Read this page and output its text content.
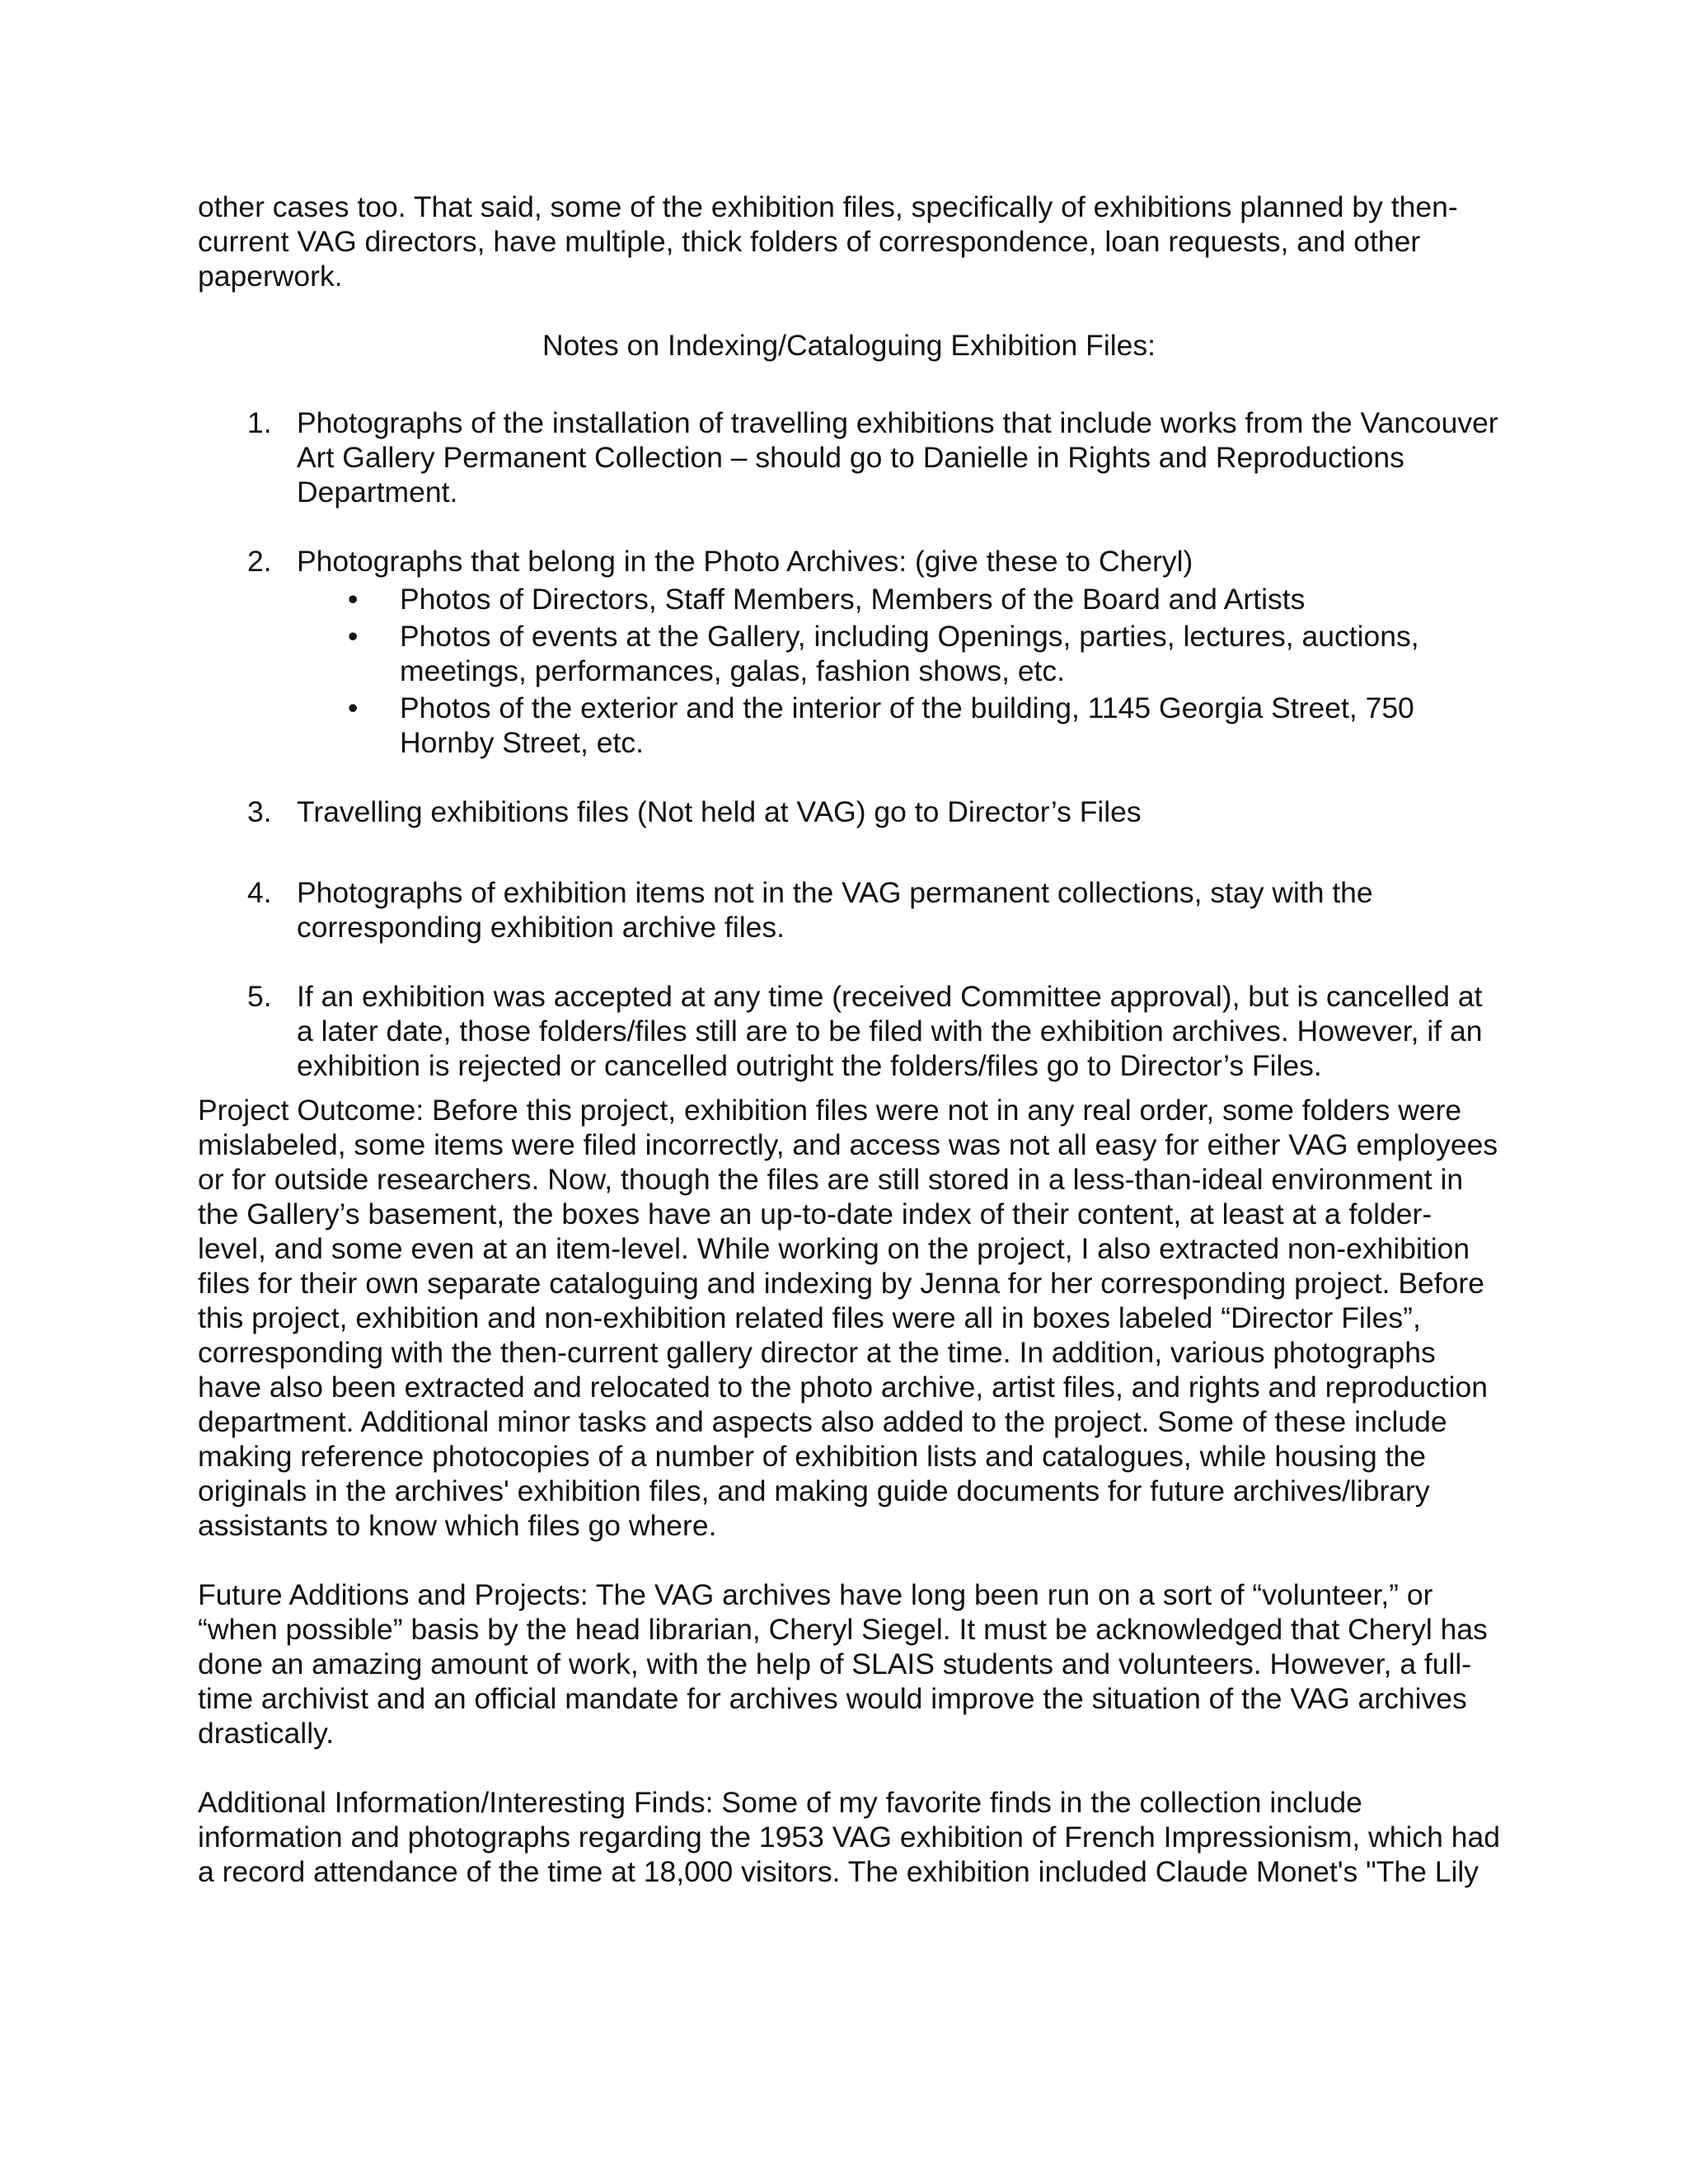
other cases too. That said, some of the exhibition files, specifically of exhibitions planned by then-current VAG directors, have multiple, thick folders of correspondence, loan requests, and other paperwork.

Notes on Indexing/Cataloguing Exhibition Files:

1. Photographs of the installation of travelling exhibitions that include works from the Vancouver Art Gallery Permanent Collection – should go to Danielle in Rights and Reproductions Department.
2. Photographs that belong in the Photo Archives: (give these to Cheryl)
• Photos of Directors, Staff Members, Members of the Board and Artists
• Photos of events at the Gallery, including Openings, parties, lectures, auctions, meetings, performances, galas, fashion shows, etc.
• Photos of the exterior and the interior of the building, 1145 Georgia Street, 750 Hornby Street, etc.
3. Travelling exhibitions files (Not held at VAG) go to Director’s Files
4. Photographs of exhibition items not in the VAG permanent collections, stay with the corresponding exhibition archive files.
5. If an exhibition was accepted at any time (received Committee approval), but is cancelled at a later date, those folders/files still are to be filed with the exhibition archives. However, if an exhibition is rejected or cancelled outright the folders/files go to Director’s Files.

Project Outcome: Before this project, exhibition files were not in any real order, some folders were mislabeled, some items were filed incorrectly, and access was not all easy for either VAG employees or for outside researchers. Now, though the files are still stored in a less-than-ideal environment in the Gallery’s basement, the boxes have an up-to-date index of their content, at least at a folder-level, and some even at an item-level. While working on the project, I also extracted non-exhibition files for their own separate cataloguing and indexing by Jenna for her corresponding project. Before this project, exhibition and non-exhibition related files were all in boxes labeled “Director Files”, corresponding with the then-current gallery director at the time. In addition, various photographs have also been extracted and relocated to the photo archive, artist files, and rights and reproduction department. Additional minor tasks and aspects also added to the project. Some of these include making reference photocopies of a number of exhibition lists and catalogues, while housing the originals in the archives' exhibition files, and making guide documents for future archives/library assistants to know which files go where.

Future Additions and Projects: The VAG archives have long been run on a sort of “volunteer,” or “when possible” basis by the head librarian, Cheryl Siegel. It must be acknowledged that Cheryl has done an amazing amount of work, with the help of SLAIS students and volunteers. However, a full-time archivist and an official mandate for archives would improve the situation of the VAG archives drastically.

Additional Information/Interesting Finds: Some of my favorite finds in the collection include information and photographs regarding the 1953 VAG exhibition of French Impressionism, which had a record attendance of the time at 18,000 visitors. The exhibition included Claude Monet's "The Lily
